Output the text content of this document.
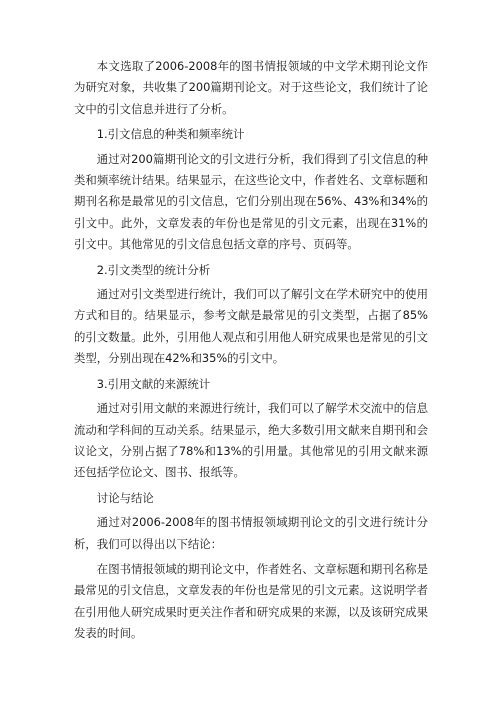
本文选取了2006-2008年的图书情报领域的中文学术期刊论文作为研究对象，共收集了200篇期刊论文。对于这些论文，我们统计了论文中的引文信息并进行了分析。

1.引文信息的种类和频率统计

通过对200篇期刊论文的引文进行分析，我们得到了引文信息的种类和频率统计结果。结果显示，在这些论文中，作者姓名、文章标题和期刊名称是最常见的引文信息，它们分别出现在56%、43%和34%的引文中。此外，文章发表的年份也是常见的引文元素，出现在31%的引文中。其他常见的引文信息包括文章的序号、页码等。

2.引文类型的统计分析

通过对引文类型进行统计，我们可以了解引文在学术研究中的使用方式和目的。结果显示，参考文献是最常见的引文类型，占据了85%的引文数量。此外，引用他人观点和引用他人研究成果也是常见的引文类型，分别出现在42%和35%的引文中。

3.引用文献的来源统计

通过对引用文献的来源进行统计，我们可以了解学术交流中的信息流动和学科间的互动关系。结果显示，绝大多数引用文献来自期刊和会议论文，分别占据了78%和13%的引用量。其他常见的引用文献来源还包括学位论文、图书、报纸等。

讨论与结论

通过对2006-2008年的图书情报领域期刊论文的引文进行统计分析，我们可以得出以下结论：

在图书情报领域的期刊论文中，作者姓名、文章标题和期刊名称是最常见的引文信息，文章发表的年份也是常见的引文元素。这说明学者在引用他人研究成果时更关注作者和研究成果的来源，以及该研究成果发表的时间。
